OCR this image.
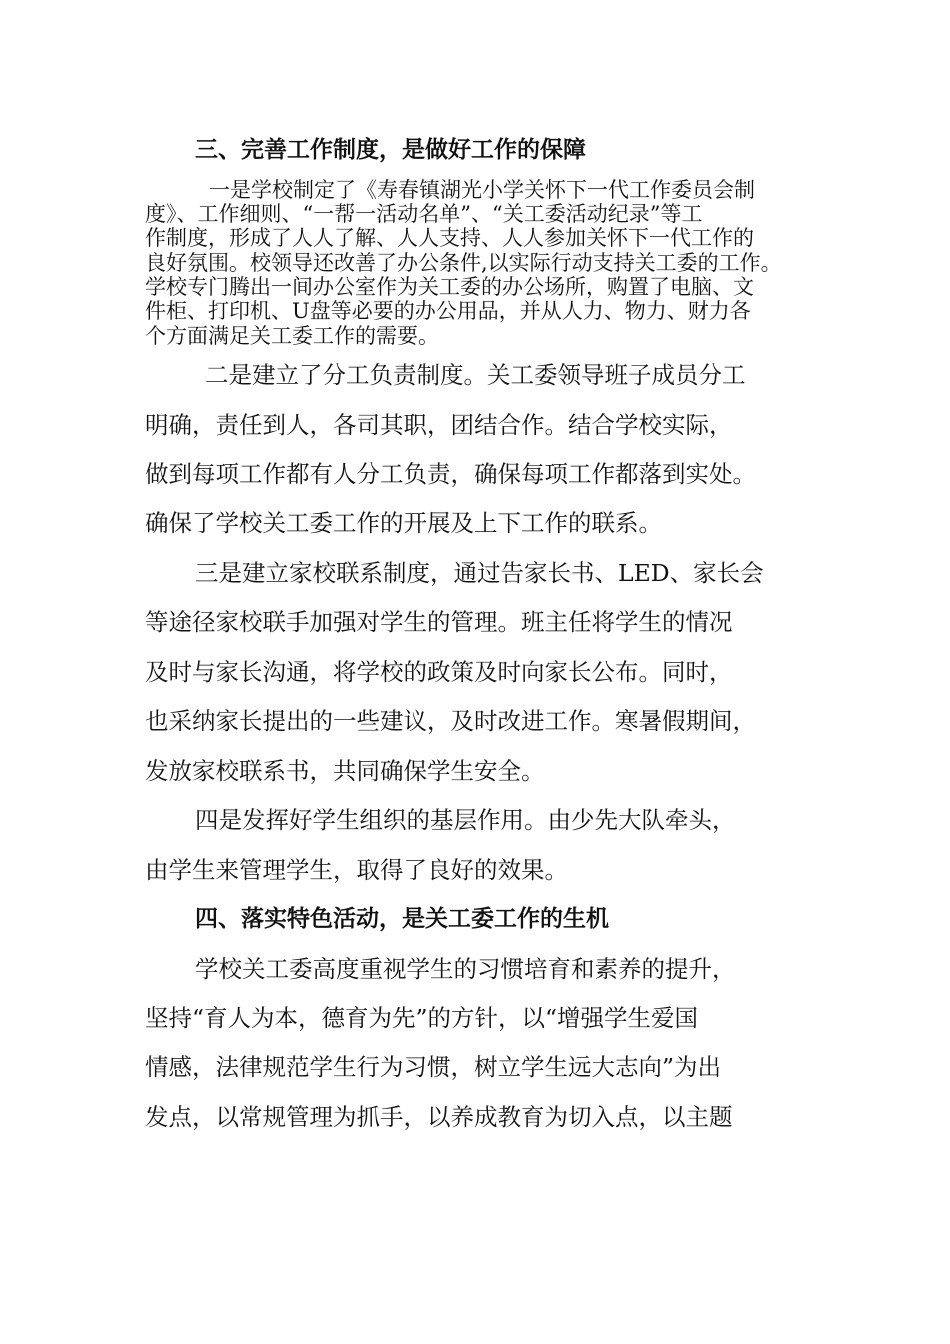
三、完善工作制度，是做好工作的保障
一是学校制定了《寿春镇湖光小学关怀下一代工作委员会制
度》、工作细则、“一帮一活动名单”、“关工委活动纪录”等工
作制度，形成了人人了解、人人支持、人人参加关怀下一代工作的
良好氛围。校领导还改善了办公条件,以实际行动支持关工委的工作。
学校专门腾出一间办公室作为关工委的办公场所，购置了电脑、文
件柜、打印机、U盘等必要的办公用品，并从人力、物力、财力各
个方面满足关工委工作的需要。
二是建立了分工负责制度。关工委领导班子成员分工
明确，责任到人，各司其职，团结合作。结合学校实际，
做到每项工作都有人分工负责，确保每项工作都落到实处。
确保了学校关工委工作的开展及上下工作的联系。
三是建立家校联系制度，通过告家长书、LED、家长会
等途径家校联手加强对学生的管理。班主任将学生的情况
及时与家长沟通，将学校的政策及时向家长公布。同时，
也采纳家长提出的一些建议，及时改进工作。寒暑假期间，
发放家校联系书，共同确保学生安全。
四是发挥好学生组织的基层作用。由少先大队牵头，
由学生来管理学生，取得了良好的效果。
四、落实特色活动，是关工委工作的生机
学校关工委高度重视学生的习惯培育和素养的提升，
坚持“育人为本，德育为先”的方针，以“增强学生爱国
情感，法律规范学生行为习惯，树立学生远大志向”为出
发点，以常规管理为抓手，以养成教育为切入点，以主题
